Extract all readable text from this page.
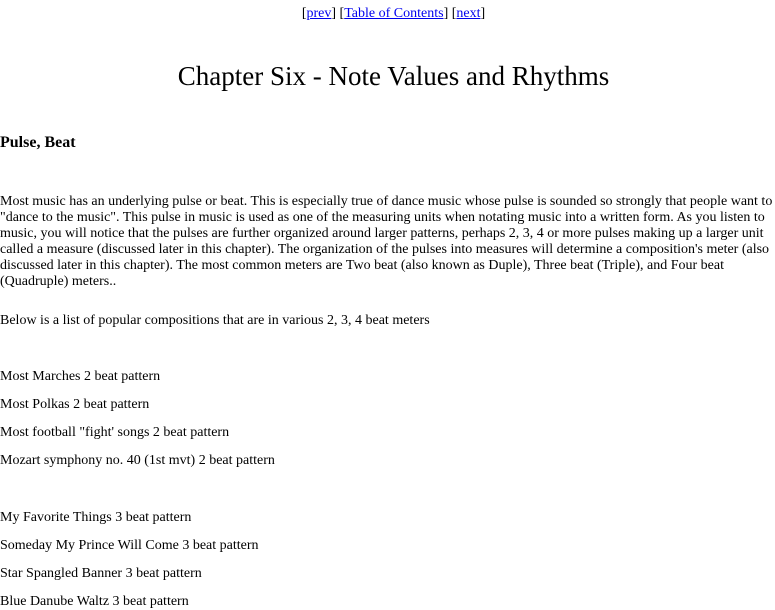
[prev] [Table of Contents] [next]
Chapter Six - Note Values and Rhythms
Pulse, Beat

Most music has an underlying pulse or beat. This is especially true of dance music whose pulse is sounded so strongly that people want to "dance to the music". This pulse in music is used as one of the measuring units when notating music into a written form. As you listen to music, you will notice that the pulses are further organized around larger patterns, perhaps 2, 3, 4 or more pulses making up a larger unit called a measure (discussed later in this chapter). The organization of the pulses into measures will determine a composition's meter (also discussed later in this chapter). The most common meters are Two beat (also known as Duple), Three beat (Triple), and Four beat (Quadruple) meters..

Below is a list of popular compositions that are in various 2, 3, 4 beat meters

Most Marches 2 beat pattern

Most Polkas 2 beat pattern

Most football "fight' songs 2 beat pattern

Mozart symphony no. 40 (1st mvt) 2 beat pattern

My Favorite Things 3 beat pattern

Someday My Prince Will Come 3 beat pattern

Star Spangled Banner 3 beat pattern

Blue Danube Waltz 3 beat pattern
